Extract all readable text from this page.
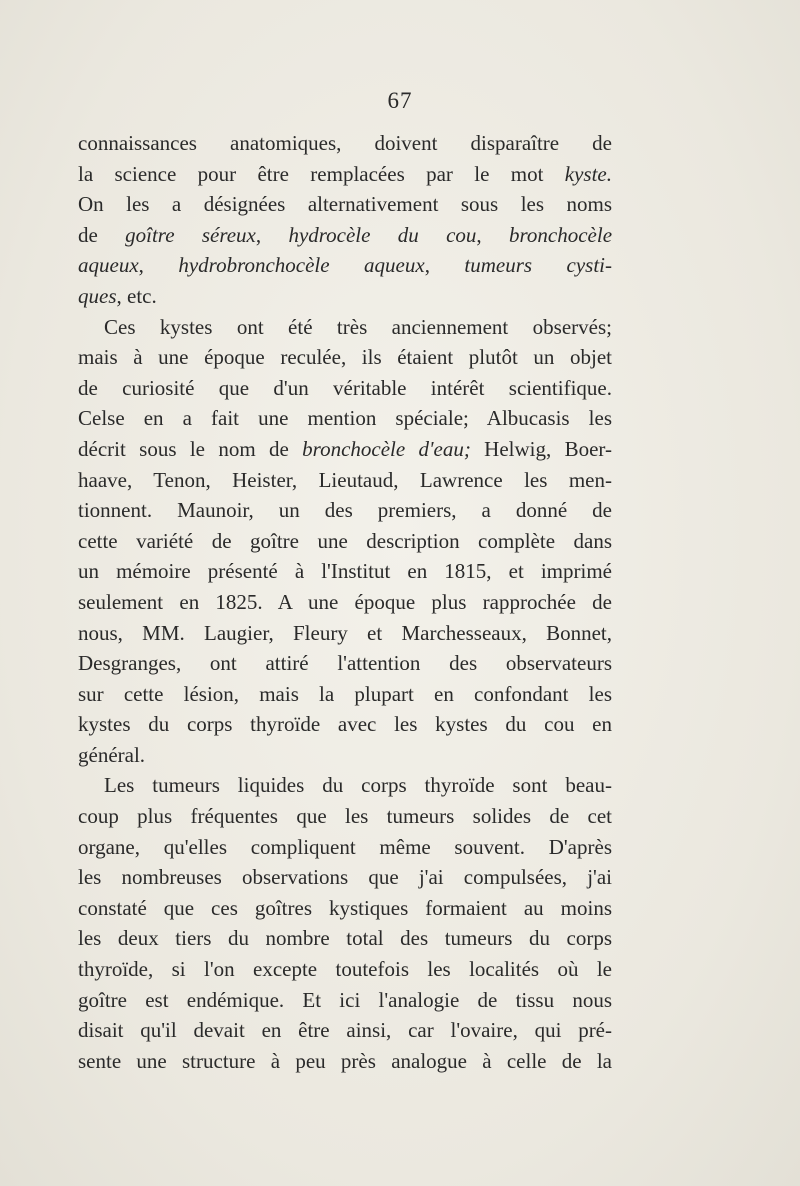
67
connaissances anatomiques, doivent disparaître de
la science pour être remplacées par le mot kyste.
On les a désignées alternativement sous les noms
de goître séreux, hydrocèle du cou, bronchocèle
aqueux, hydrobronchocèle aqueux, tumeurs cysti-
ques, etc.
Ces kystes ont été très anciennement observés;
mais à une époque reculée, ils étaient plutôt un objet
de curiosité que d'un véritable intérêt scientifique.
Celse en a fait une mention spéciale; Albucasis les
décrit sous le nom de bronchocèle d'eau; Helwig, Boer-
haave, Tenon, Heister, Lieutaud, Lawrence les men-
tionnent. Maunoir, un des premiers, a donné de
cette variété de goître une description complète dans
un mémoire présenté à l'Institut en 1815, et imprimé
seulement en 1825. A une époque plus rapprochée de
nous, MM. Laugier, Fleury et Marchesseaux, Bonnet,
Desgranges, ont attiré l'attention des observateurs
sur cette lésion, mais la plupart en confondant les
kystes du corps thyroïde avec les kystes du cou en
général.
Les tumeurs liquides du corps thyroïde sont beau-
coup plus fréquentes que les tumeurs solides de cet
organe, qu'elles compliquent même souvent. D'après
les nombreuses observations que j'ai compulsées, j'ai
constaté que ces goîtres kystiques formaient au moins
les deux tiers du nombre total des tumeurs du corps
thyroïde, si l'on excepte toutefois les localités où le
goître est endémique. Et ici l'analogie de tissu nous
disait qu'il devait en être ainsi, car l'ovaire, qui pré-
sente une structure à peu près analogue à celle de la
